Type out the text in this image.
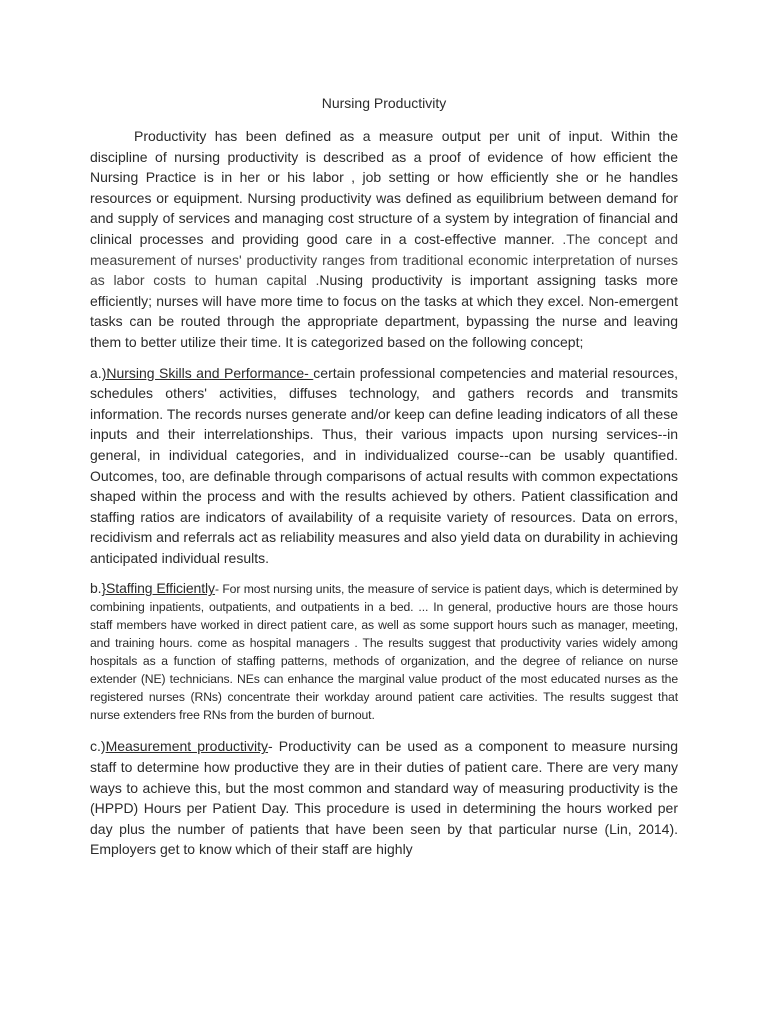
Nursing Productivity

Productivity has been defined as a measure output per unit of input. Within the discipline of nursing productivity is described as a proof of evidence of how efficient the Nursing Practice is in her or his labor , job setting or how efficiently she or he handles resources or equipment. Nursing productivity was defined as equilibrium between demand for and supply of services and managing cost structure of a system by integration of financial and clinical processes and providing good care in a cost-effective manner. .The concept and measurement of nurses' productivity ranges from traditional economic interpretation of nurses as labor costs to human capital .Nusing productivity is important assigning tasks more efficiently; nurses will have more time to focus on the tasks at which they excel. Non-emergent tasks can be routed through the appropriate department, bypassing the nurse and leaving them to better utilize their time. It is categorized based on the following concept;

a.)Nursing Skills and Performance- certain professional competencies and material resources, schedules others' activities, diffuses technology, and gathers records and transmits information. The records nurses generate and/or keep can define leading indicators of all these inputs and their interrelationships. Thus, their various impacts upon nursing services--in general, in individual categories, and in individualized course--can be usably quantified. Outcomes, too, are definable through comparisons of actual results with common expectations shaped within the process and with the results achieved by others. Patient classification and staffing ratios are indicators of availability of a requisite variety of resources. Data on errors, recidivism and referrals act as reliability measures and also yield data on durability in achieving anticipated individual results.

b.}Staffing Efficiently- For most nursing units, the measure of service is patient days, which is determined by combining inpatients, outpatients, and outpatients in a bed. ... In general, productive hours are those hours staff members have worked in direct patient care, as well as some support hours such as manager, meeting, and training hours. come as hospital managers . The results suggest that productivity varies widely among hospitals as a function of staffing patterns, methods of organization, and the degree of reliance on nurse extender (NE) technicians. NEs can enhance the marginal value product of the most educated nurses as the registered nurses (RNs) concentrate their workday around patient care activities. The results suggest that nurse extenders free RNs from the burden of burnout.

c.)Measurement productivity- Productivity can be used as a component to measure nursing staff to determine how productive they are in their duties of patient care. There are very many ways to achieve this, but the most common and standard way of measuring productivity is the (HPPD) Hours per Patient Day. This procedure is used in determining the hours worked per day plus the number of patients that have been seen by that particular nurse (Lin, 2014). Employers get to know which of their staff are highly
